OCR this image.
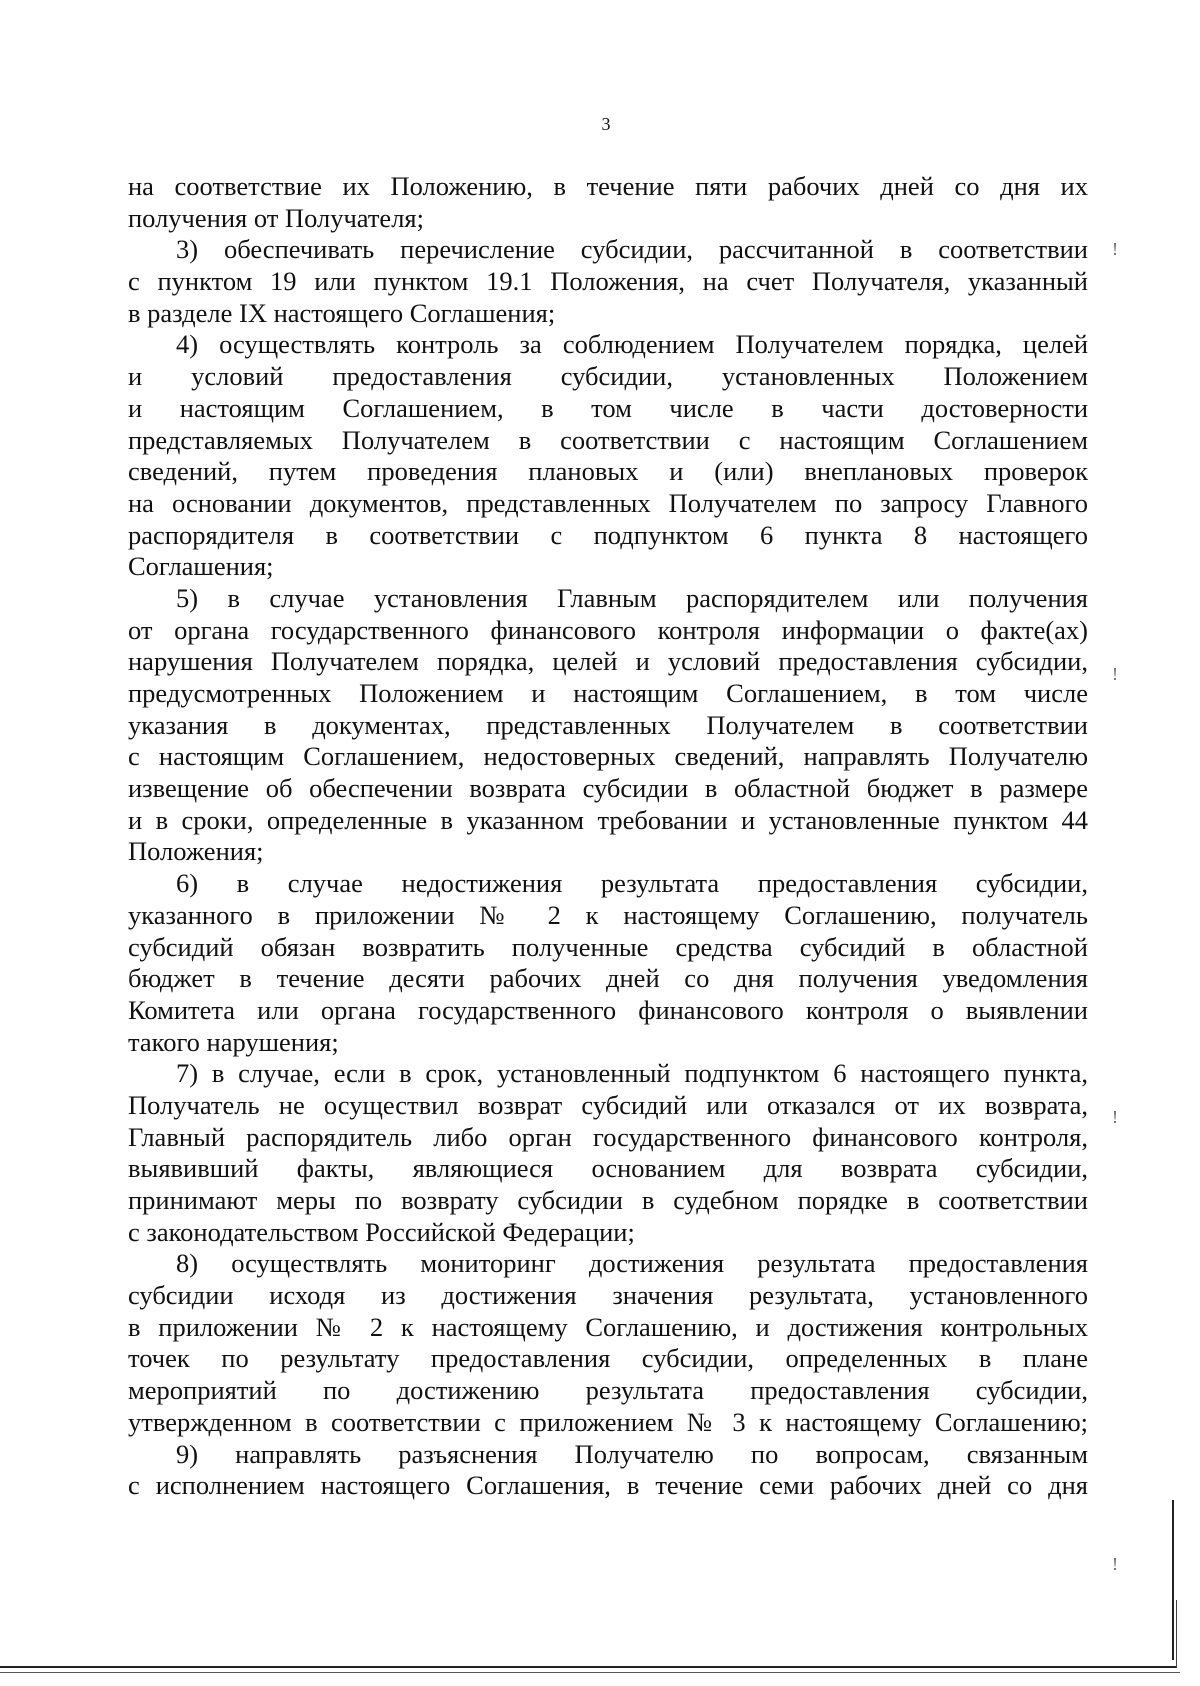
3
на соответствие их Положению, в течение пяти рабочих дней со дня их
получения от Получателя;
3) обеспечивать перечисление субсидии, рассчитанной в соответствии
с пунктом 19 или пунктом 19.1 Положения, на счет Получателя, указанный
в разделе IX настоящего Соглашения;
4) осуществлять контроль за соблюдением Получателем порядка, целей
и условий предоставления субсидии, установленных Положением
и настоящим Соглашением, в том числе в части достоверности
представляемых Получателем в соответствии с настоящим Соглашением
сведений, путем проведения плановых и (или) внеплановых проверок
на основании документов, представленных Получателем по запросу Главного
распорядителя в соответствии с подпунктом 6 пункта 8 настоящего
Соглашения;
5) в случае установления Главным распорядителем или получения
от органа государственного финансового контроля информации о факте(ах)
нарушения Получателем порядка, целей и условий предоставления субсидии,
предусмотренных Положением и настоящим Соглашением, в том числе
указания в документах, представленных Получателем в соответствии
с настоящим Соглашением, недостоверных сведений, направлять Получателю
извещение об обеспечении возврата субсидии в областной бюджет в размере
и в сроки, определенные в указанном требовании и установленные пунктом 44
Положения;
6) в случае недостижения результата предоставления субсидии,
указанного в приложении № 2 к настоящему Соглашению, получатель
субсидий обязан возвратить полученные средства субсидий в областной
бюджет в течение десяти рабочих дней со дня получения уведомления
Комитета или органа государственного финансового контроля о выявлении
такого нарушения;
7) в случае, если в срок, установленный подпунктом 6 настоящего пункта,
Получатель не осуществил возврат субсидий или отказался от их возврата,
Главный распорядитель либо орган государственного финансового контроля,
выявивший факты, являющиеся основанием для возврата субсидии,
принимают меры по возврату субсидии в судебном порядке в соответствии
с законодательством Российской Федерации;
8) осуществлять мониторинг достижения результата предоставления
субсидии исходя из достижения значения результата, установленного
в приложении № 2 к настоящему Соглашению, и достижения контрольных
точек по результату предоставления субсидии, определенных в плане
мероприятий по достижению результата предоставления субсидии,
утвержденном в соответствии с приложением № 3 к настоящему Соглашению;
9) направлять разъяснения Получателю по вопросам, связанным
с исполнением настоящего Соглашения, в течение семи рабочих дней со дня
!
!
!
!
